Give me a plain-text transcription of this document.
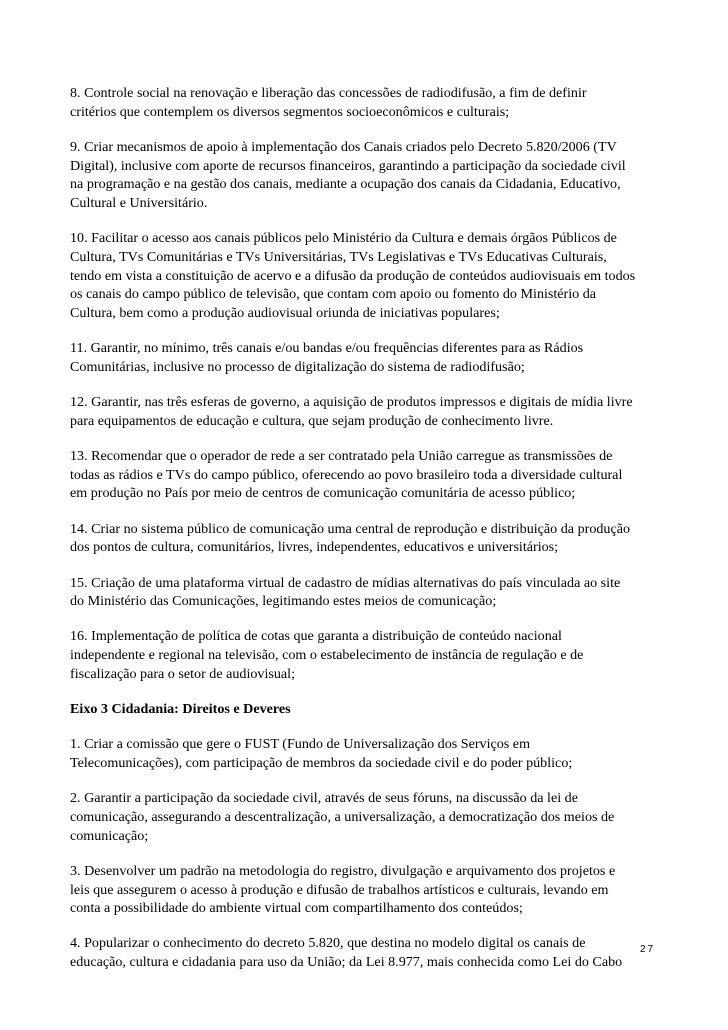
8. Controle social na renovação e liberação das concessões de radiodifusão, a fim de definir
critérios que contemplem os diversos segmentos socioeconômicos e culturais;

9. Criar mecanismos de apoio à implementação dos Canais criados pelo Decreto 5.820/2006 (TV
Digital), inclusive com aporte de recursos financeiros, garantindo a participação da sociedade civil
na programação e na gestão dos canais, mediante a ocupação dos canais da Cidadania, Educativo,
Cultural e Universitário.

10. Facilitar o acesso aos canais públicos pelo Ministério da Cultura e demais órgãos Públicos de
Cultura, TVs Comunitárias e TVs Universitárias, TVs Legislativas e TVs Educativas Culturais,
tendo em vista a constituição de acervo e a difusão da produção de conteúdos audiovisuais em todos
os canais do campo público de televisão, que contam com apoio ou fomento do Ministério da
Cultura, bem como a produção audiovisual oriunda de iniciativas populares;

11. Garantir, no mínimo, três canais e/ou bandas e/ou frequências diferentes para as Rádios
Comunitárias, inclusive no processo de digitalização do sistema de radiodifusão;

12. Garantir, nas três esferas de governo, a aquisição de produtos impressos e digitais de mídia livre
para equipamentos de educação e cultura, que sejam produção de conhecimento livre.

13. Recomendar que o operador de rede a ser contratado pela União carregue as transmissões de
todas as rádios e TVs do campo público, oferecendo ao povo brasileiro toda a diversidade cultural
em produção no País por meio de centros de comunicação comunitária de acesso público;

14. Criar no sistema público de comunicação uma central de reprodução e distribuição da produção
dos pontos de cultura, comunitários, livres, independentes, educativos e universitários;

15. Criação de uma plataforma virtual de cadastro de mídias alternativas do país vinculada ao site
do Ministério das Comunicações, legitimando estes meios de comunicação;

16. Implementação de política de cotas que garanta a distribuição de conteúdo nacional
independente e regional na televisão, com o estabelecimento de instância de regulação e de
fiscalização para o setor de audiovisual;

Eixo 3 Cidadania: Direitos e Deveres

1. Criar a comissão que gere o FUST (Fundo de Universalização dos Serviços em
Telecomunicações), com participação de membros da sociedade civil e do poder público;

2. Garantir a participação da sociedade civil, através de seus fóruns, na discussão da lei de
comunicação, assegurando a descentralização, a universalização, a democratização dos meios de
comunicação;

3. Desenvolver um padrão na metodologia do registro, divulgação e arquivamento dos projetos e
leis que assegurem o acesso à produção e difusão de trabalhos artísticos e culturais, levando em
conta a possibilidade do ambiente virtual com compartilhamento dos conteúdos;

4. Popularizar o conhecimento do decreto 5.820, que destina no modelo digital os canais de
educação, cultura e cidadania para uso da União; da Lei 8.977, mais conhecida como Lei do Cabo

27
